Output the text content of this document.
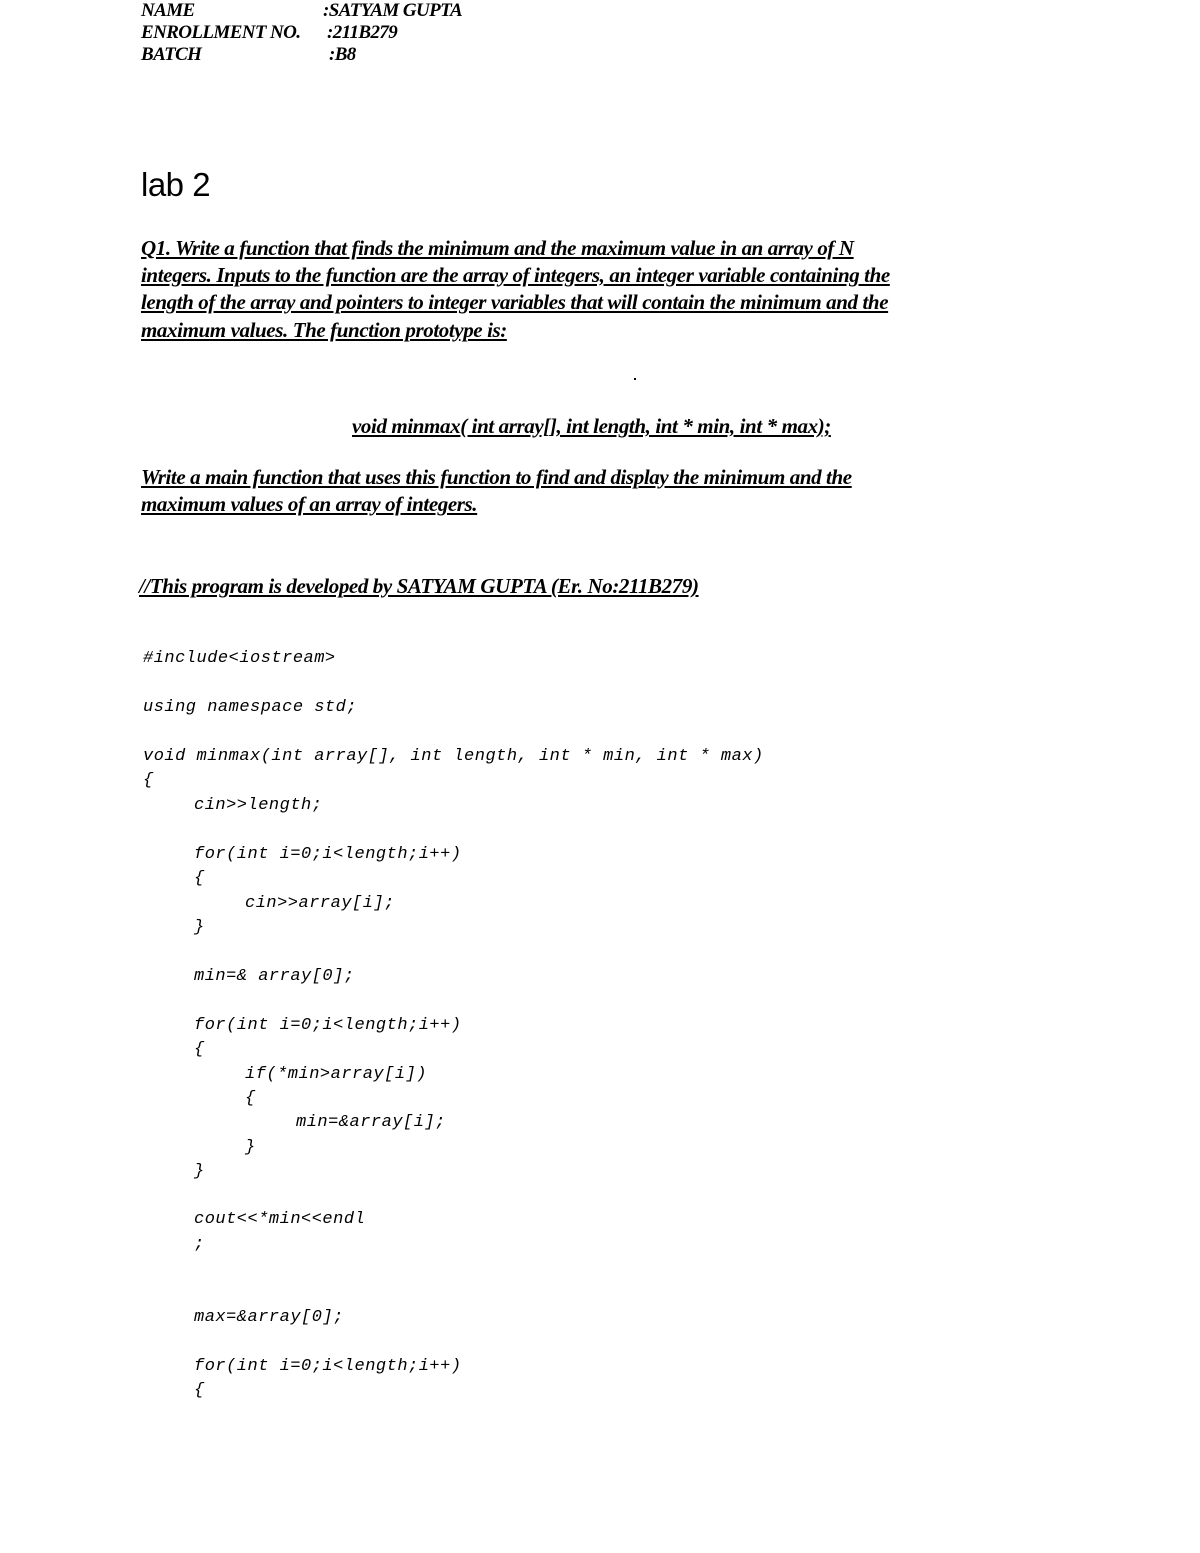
NAME	:SATYAM GUPTA
ENROLLMENT NO. :211B279
BATCH	:B8
lab 2
Q1. Write a function that finds the minimum and the maximum value in an array of N
integers. Inputs to the function are the array of integers, an integer variable containing the
length of the array and pointers to integer variables that will contain the minimum and the
maximum values. The function prototype is:
void minmax( int array[], int length, int * min, int * max);
Write a main function that uses this function to find and display the minimum and the
maximum values of an array of integers.
//This program is developed by SATYAM GUPTA (Er. No:211B279)
#include<iostream>
using namespace std;
void minmax(int array[], int length, int * min, int * max)
{
cin>>length;
for(int i=0;i<length;i++)
{
cin>>array[i];
}
min=& array[0];
for(int i=0;i<length;i++)
{
if(*min>array[i])
{
min=&array[i];
}
}
cout<<*min<<endl
;
max=&array[0];
for(int i=0;i<length;i++)
{
